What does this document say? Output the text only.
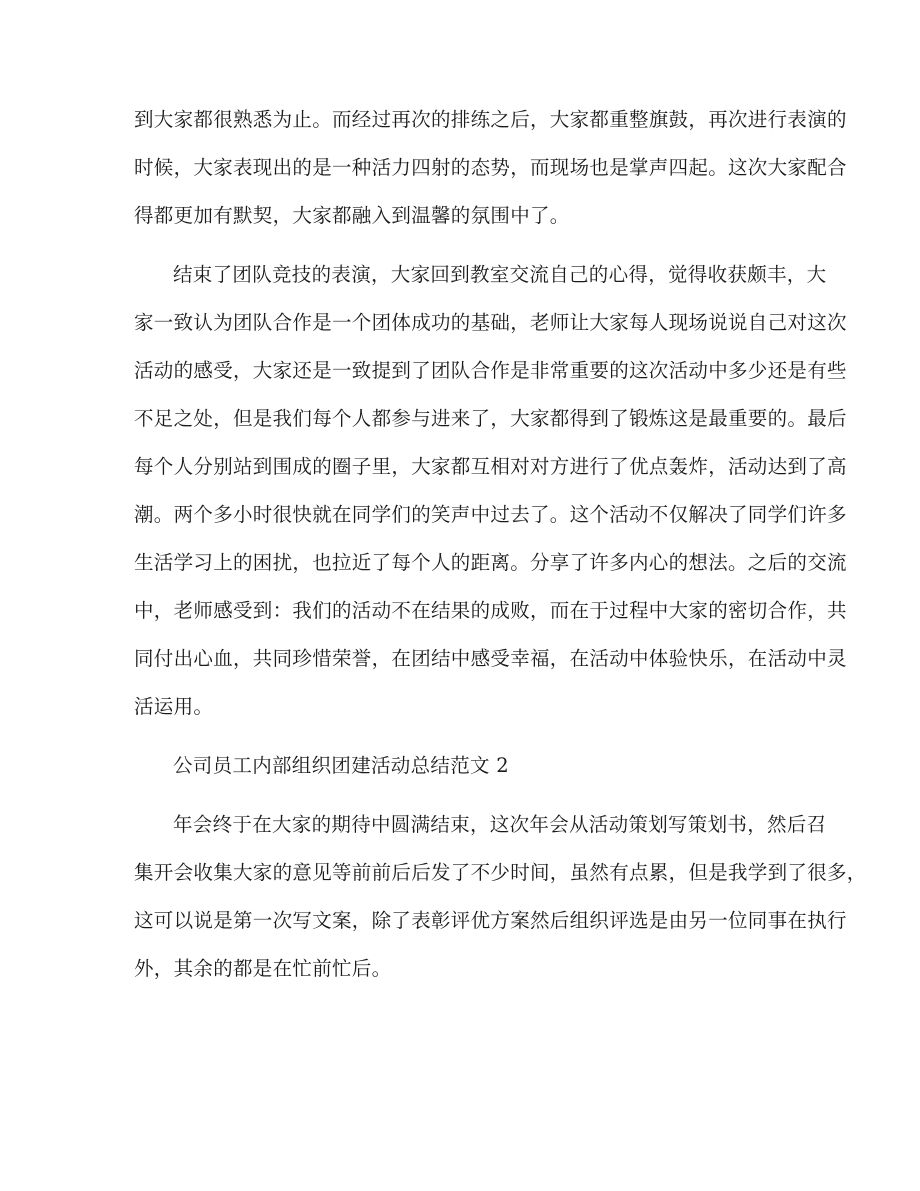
到大家都很熟悉为止。而经过再次的排练之后，大家都重整旗鼓，再次进行表演的
时候，大家表现出的是一种活力四射的态势，而现场也是掌声四起。这次大家配合
得都更加有默契，大家都融入到温馨的氛围中了。
结束了团队竞技的表演，大家回到教室交流自己的心得，觉得收获颇丰，大
家一致认为团队合作是一个团体成功的基础，老师让大家每人现场说说自己对这次
活动的感受，大家还是一致提到了团队合作是非常重要的这次活动中多少还是有些
不足之处，但是我们每个人都参与进来了，大家都得到了锻炼这是最重要的。最后
每个人分别站到围成的圈子里，大家都互相对对方进行了优点轰炸，活动达到了高
潮。两个多小时很快就在同学们的笑声中过去了。这个活动不仅解决了同学们许多
生活学习上的困扰，也拉近了每个人的距离。分享了许多内心的想法。之后的交流
中，老师感受到：我们的活动不在结果的成败，而在于过程中大家的密切合作，共
同付出心血，共同珍惜荣誉，在团结中感受幸福，在活动中体验快乐，在活动中灵
活运用。
公司员工内部组织团建活动总结范文 2
年会终于在大家的期待中圆满结束，这次年会从活动策划写策划书，然后召
集开会收集大家的意见等前前后后发了不少时间，虽然有点累，但是我学到了很多，
这可以说是第一次写文案，除了表彰评优方案然后组织评选是由另一位同事在执行
外，其余的都是在忙前忙后。
